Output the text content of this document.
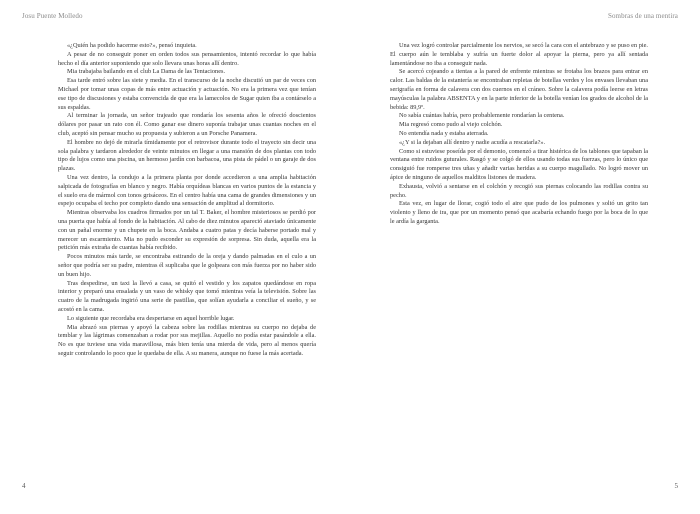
Josu Puente Molledo

«¿Quién ha podido hacerme esto?», pensó inquieta.

A pesar de no conseguir poner en orden todos sus pensamientos, intentó recordar lo que había hecho el día anterior suponiendo que solo llevara unas horas allí dentro.

Mia trabajaba bailando en el club La Dama de las Tentaciones.

Esa tarde entró sobre las siete y media. En el transcurso de la noche discutió un par de veces con Michael por tomar unas copas de más entre actuación y actuación. No era la primera vez que tenían ese tipo de discusiones y estaba convencida de que era la lamecolos de Sugar quien iba a contárselo a sus espaldas.

Al terminar la jornada, un señor trajeado que rondaría los sesenta años le ofreció doscientos dólares por pasar un rato con él. Como ganar ese dinero suponía trabajar unas cuantas noches en el club, aceptó sin pensar mucho su propuesta y subieron a un Porsche Panamera.

El hombre no dejó de mirarla tímidamente por el retrovisor durante todo el trayecto sin decir una sola palabra y tardaron alrededor de veinte minutos en llegar a una mansión de dos plantas con todo tipo de lujos como una piscina, un hermoso jardín con barbacoa, una pista de pádel o un garaje de dos plazas.

Una vez dentro, la condujo a la primera planta por donde accedieron a una amplia habitación salpicada de fotografías en blanco y negro. Había orquídeas blancas en varios puntos de la estancia y el suelo era de mármol con tonos grisáceos. En el centro había una cama de grandes dimensiones y un espejo ocupaba el techo por completo dando una sensación de amplitud al dormitorio.

Mientras observaba los cuadros firmados por un tal T. Baker, el hombre misteriosos se perdió por una puerta que había al fondo de la habitación. Al cabo de diez minutos apareció ataviado únicamente con un pañal enorme y un chupete en la boca. Andaba a cuatro patas y decía haberse portado mal y merecer un escarmiento. Mia no pudo esconder su expresión de sorpresa. Sin duda, aquella era la petición más extraña de cuantas había recibido.

Pocos minutos más tarde, se encontraba estirando de la oreja y dando palmadas en el culo a un señor que podría ser su padre, mientras él suplicaba que le golpeara con más fuerza por no haber sido un buen hijo.

Tras despedirse, un taxi la llevó a casa, se quitó el vestido y los zapatos quedándose en ropa interior y preparó una ensalada y un vaso de whisky que tomó mientras veía la televisión. Sobre las cuatro de la madrugada ingirió una serie de pastillas, que solían ayudarla a conciliar el sueño, y se acostó en la cama.

Lo siguiente que recordaba era despertarse en aquel horrible lugar.

Mia abrazó sus piernas y apoyó la cabeza sobre las rodillas mientras su cuerpo no dejaba de temblar y las lágrimas comenzaban a rodar por sus mejillas. Aquello no podía estar pasándole a ella. No es que tuviese una vida maravillosa, más bien tenía una mierda de vida, pero al menos quería seguir controlando lo poco que le quedaba de ella. A su manera, aunque no fuese la más acertada.

4
Sombras de una mentira

Una vez logró controlar parcialmente los nervios, se secó la cara con el antebrazo y se puso en pie. El cuerpo aún le temblaba y sufría un fuerte dolor al apoyar la pierna, pero ya allí sentada lamentándose no iba a conseguir nada.

Se acercó cojeando a tientas a la pared de enfrente mientras se frotaba los brazos para entrar en calor. Las baldas de la estantería se encontraban repletas de botellas verdes y los envases llevaban una serigrafía en forma de calavera con dos cuernos en el cráneo. Sobre la calavera podía leerse en letras mayúsculas la palabra ABSENTA y en la parte inferior de la botella venían los grados de alcohol de la bebida: 89,9º.

No sabía cuántas había, pero probablemente rondarían la centena.

Mia regresó como pudo al viejo colchón.

No entendía nada y estaba aterrada.

«¿Y si la dejaban allí dentro y nadie acudía a rescatarla?».

Como si estuviese poseída por el demonio, comenzó a tirar histérica de los tablones que tapaban la ventana entre ruidos guturales. Rasgó y se colgó de ellos usando todas sus fuerzas, pero lo único que consiguió fue romperse tres uñas y añadir varias heridas a su cuerpo magullado. No logró mover un ápice de ninguno de aquellos malditos listones de madera.

Exhausta, volvió a sentarse en el colchón y recogió sus piernas colocando las rodillas contra su pecho.

Esta vez, en lugar de llorar, cogió todo el aire que pudo de los pulmones y soltó un grito tan violento y lleno de ira, que por un momento pensó que acabaría echando fuego por la boca de lo que le ardía la garganta.

5
